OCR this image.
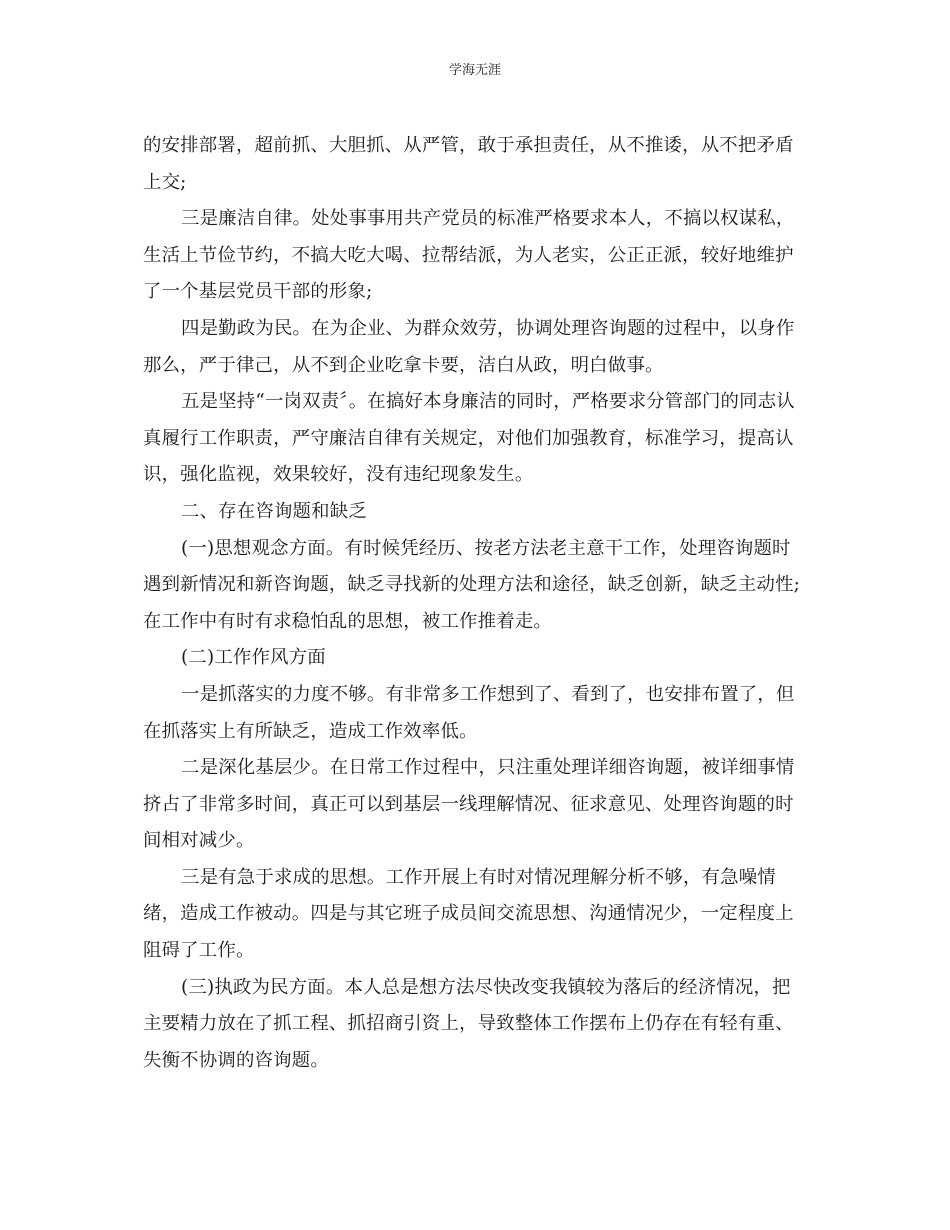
学海无涯

的安排部署，超前抓、大胆抓、从严管，敢于承担责任，从不推诿，从不把矛盾
上交;

三是廉洁自律。处处事事用共产党员的标准严格要求本人，不搞以权谋私，
生活上节俭节约，不搞大吃大喝、拉帮结派，为人老实，公正正派，较好地维护
了一个基层党员干部的形象;

四是勤政为民。在为企业、为群众效劳，协调处理咨询题的过程中，以身作
那么，严于律己，从不到企业吃拿卡要，洁白从政，明白做事。

五是坚持“一岗双责〞。在搞好本身廉洁的同时，严格要求分管部门的同志认
真履行工作职责，严守廉洁自律有关规定，对他们加强教育，标准学习，提高认
识，强化监视，效果较好，没有违纪现象发生。

二、存在咨询题和缺乏

(一)思想观念方面。有时候凭经历、按老方法老主意干工作，处理咨询题时
遇到新情况和新咨询题，缺乏寻找新的处理方法和途径，缺乏创新，缺乏主动性;
在工作中有时有求稳怕乱的思想，被工作推着走。

(二)工作作风方面

一是抓落实的力度不够。有非常多工作想到了、看到了，也安排布置了，但
在抓落实上有所缺乏，造成工作效率低。

二是深化基层少。在日常工作过程中，只注重处理详细咨询题，被详细事情
挤占了非常多时间，真正可以到基层一线理解情况、征求意见、处理咨询题的时
间相对减少。

三是有急于求成的思想。工作开展上有时对情况理解分析不够，有急噪情
绪，造成工作被动。四是与其它班子成员间交流思想、沟通情况少，一定程度上
阻碍了工作。

(三)执政为民方面。本人总是想方法尽快改变我镇较为落后的经济情况，把
主要精力放在了抓工程、抓招商引资上，导致整体工作摆布上仍存在有轻有重、
失衡不协调的咨询题。
